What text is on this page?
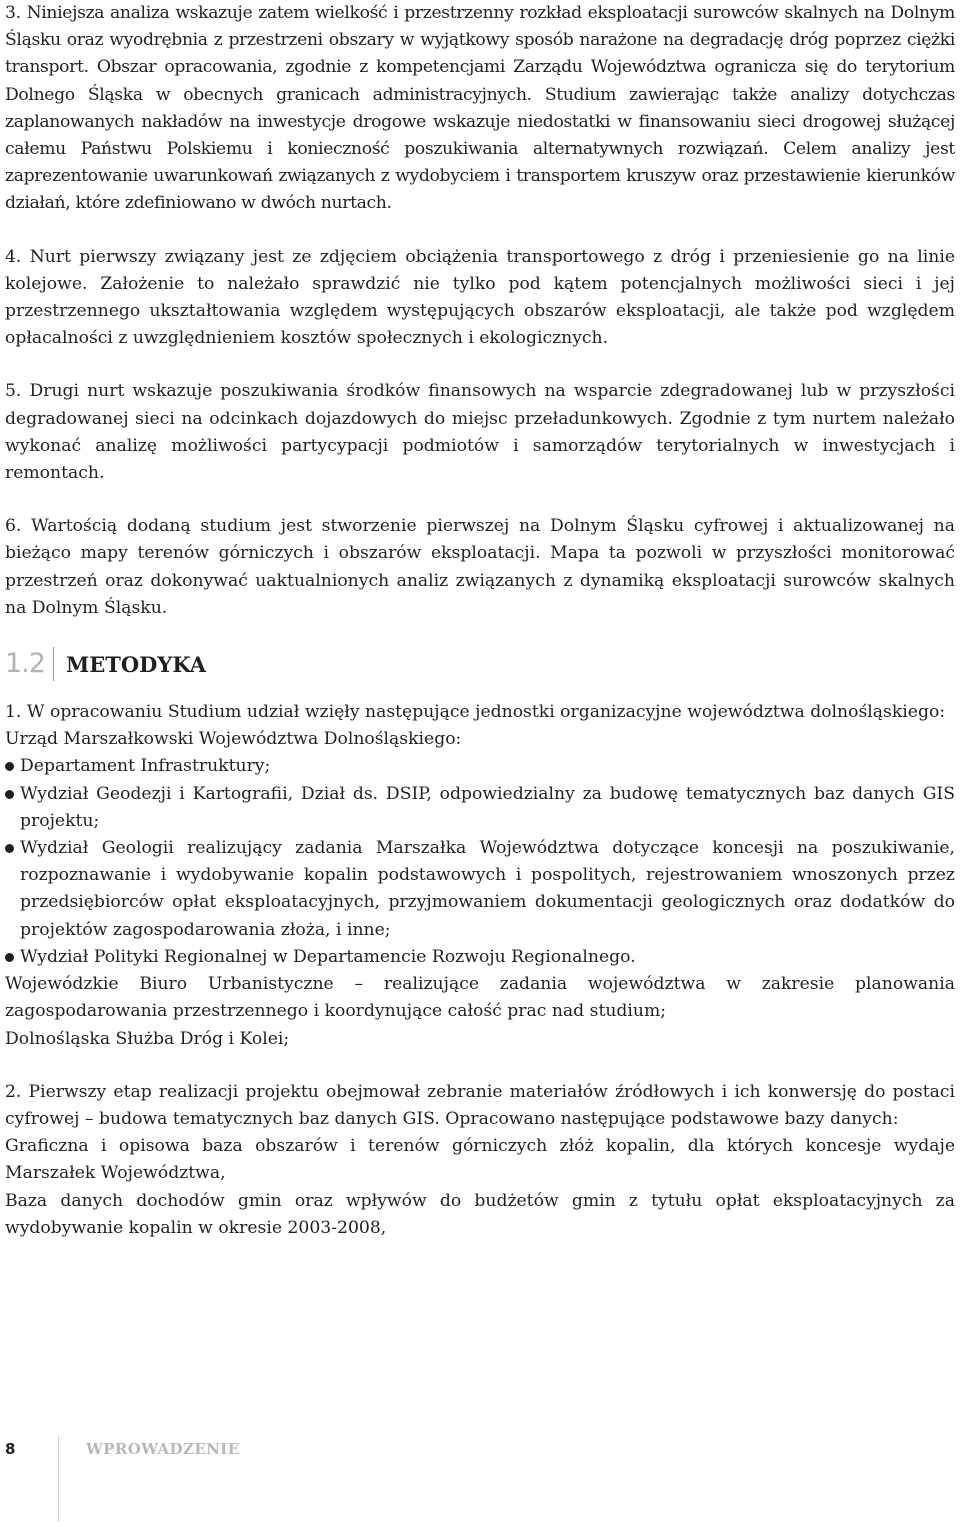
3. Niniejsza analiza wskazuje zatem wielkość i przestrzenny rozkład eksploatacji surowców skalnych na Dolnym Śląsku oraz wyodrębnia z przestrzeni obszary w wyjątkowy sposób narażone na degradację dróg poprzez ciężki transport. Obszar opracowania, zgodnie z kompetencjami Zarządu Województwa ogranicza się do terytorium Dolnego Śląska w obecnych granicach administracyjnych. Studium zawierając także analizy dotychczas zaplanowanych nakładów na inwestycje drogowe wskazuje niedostatki w finansowaniu sieci drogowej służącej całemu Państwu Polskiemu i konieczność poszukiwania alternatywnych rozwiązań. Celem analizy jest zaprezentowanie uwarunkowań związanych z wydobyciem i transportem kruszyw oraz przestawienie kierunków działań, które zdefiniowano w dwóch nurtach.

4. Nurt pierwszy związany jest ze zdjęciem obciążenia transportowego z dróg i przeniesienie go na linie kolejowe. Założenie to należało sprawdzić nie tylko pod kątem potencjalnych możliwości sieci i jej przestrzennego ukształtowania względem występujących obszarów eksploatacji, ale także pod względem opłacalności z uwzględnieniem kosztów społecznych i ekologicznych.

5. Drugi nurt wskazuje poszukiwania środków finansowych na wsparcie zdegradowanej lub w przyszłości degradowanej sieci na odcinkach dojazdowych do miejsc przeładunkowych. Zgodnie z tym nurtem należało wykonać analizę możliwości partycypacji podmiotów i samorządów terytorialnych w inwestycjach i remontach.

6. Wartością dodaną studium jest stworzenie pierwszej na Dolnym Śląsku cyfrowej i aktualizowanej na bieżąco mapy terenów górniczych i obszarów eksploatacji. Mapa ta pozwoli w przyszłości monitorować przestrzeń oraz dokonywać uaktualnionych analiz związanych z dynamiką eksploatacji surowców skalnych na Dolnym Śląsku.

1.2 METODYKA

1. W opracowaniu Studium udział wzięły następujące jednostki organizacyjne województwa dolnośląskiego:

Urząd Marszałkowski Województwa Dolnośląskiego:

Departament Infrastruktury;
Wydział Geodezji i Kartografii, Dział ds. DSIP, odpowiedzialny za budowę tematycznych baz danych GIS projektu;
Wydział Geologii realizujący zadania Marszałka Województwa dotyczące koncesji na poszukiwanie, rozpoznawanie i wydobywanie kopalin podstawowych i pospolitych, rejestrowaniem wnoszonych przez przedsiębiorców opłat eksploatacyjnych, przyjmowaniem dokumentacji geologicznych oraz dodatków do projektów zagospodarowania złoża, i inne;
Wydział Polityki Regionalnej w Departamencie Rozwoju Regionalnego.

Wojewódzkie Biuro Urbanistyczne – realizujące zadania województwa w zakresie planowania zagospodarowania przestrzennego i koordynujące całość prac nad studium;

Dolnośląska Służba Dróg i Kolei;

2. Pierwszy etap realizacji projektu obejmował zebranie materiałów źródłowych i ich konwersję do postaci cyfrowej – budowa tematycznych baz danych GIS. Opracowano następujące podstawowe bazy danych:

Graficzna i opisowa baza obszarów i terenów górniczych złóż kopalin, dla których koncesje wydaje Marszałek Województwa,

Baza danych dochodów gmin oraz wpływów do budżetów gmin z tytułu opłat eksploatacyjnych za wydobywanie kopalin w okresie 2003-2008,

8	WPROWADZENIE
